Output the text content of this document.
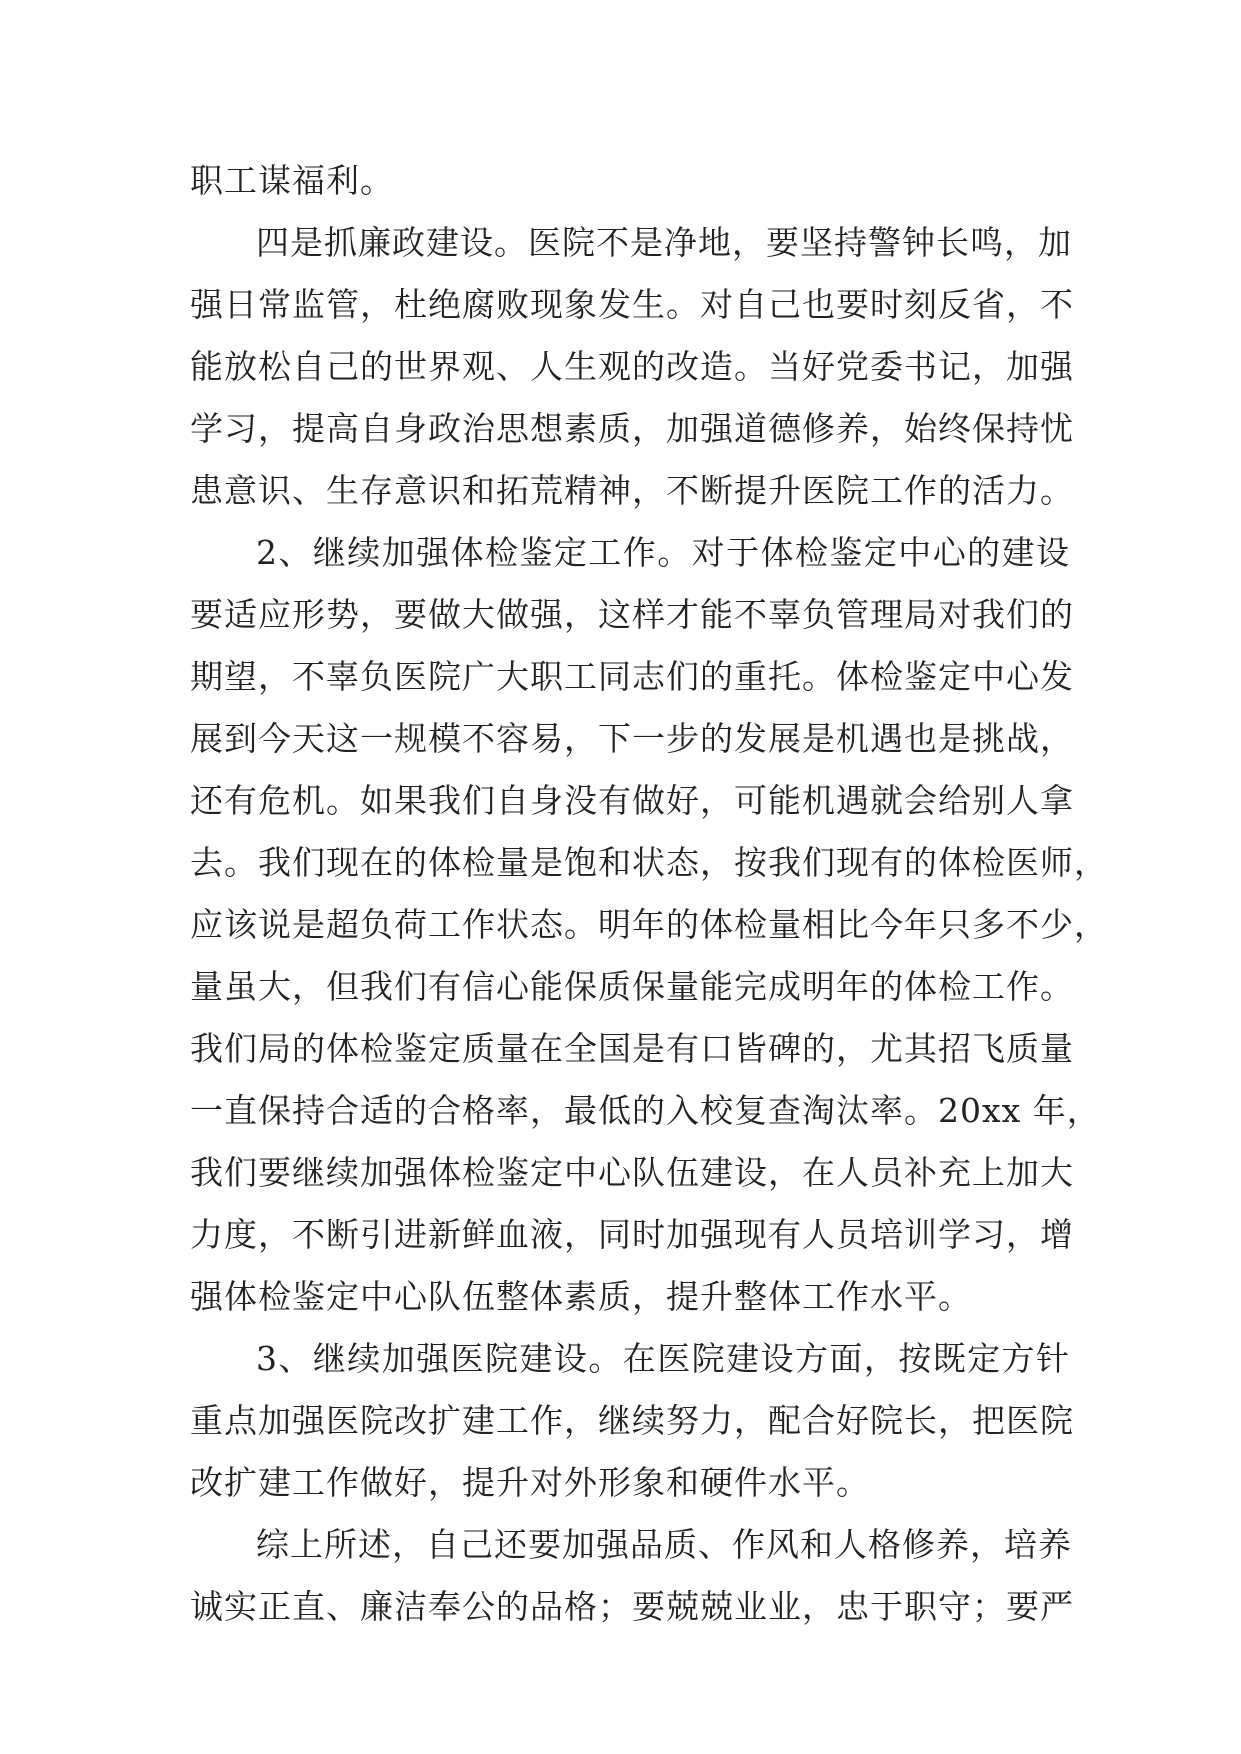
职工谋福利。
四是抓廉政建设。医院不是净地，要坚持警钟长鸣，加
强日常监管，杜绝腐败现象发生。对自己也要时刻反省，不
能放松自己的世界观、人生观的改造。当好党委书记，加强
学习，提高自身政治思想素质，加强道德修养，始终保持忧
患意识、生存意识和拓荒精神，不断提升医院工作的活力。
2、继续加强体检鉴定工作。对于体检鉴定中心的建设
要适应形势，要做大做强，这样才能不辜负管理局对我们的
期望，不辜负医院广大职工同志们的重托。体检鉴定中心发
展到今天这一规模不容易，下一步的发展是机遇也是挑战，
还有危机。如果我们自身没有做好，可能机遇就会给别人拿
去。我们现在的体检量是饱和状态，按我们现有的体检医师，
应该说是超负荷工作状态。明年的体检量相比今年只多不少，
量虽大，但我们有信心能保质保量能完成明年的体检工作。
我们局的体检鉴定质量在全国是有口皆碑的，尤其招飞质量
一直保持合适的合格率，最低的入校复查淘汰率。20xx 年，
我们要继续加强体检鉴定中心队伍建设，在人员补充上加大
力度，不断引进新鲜血液，同时加强现有人员培训学习，增
强体检鉴定中心队伍整体素质，提升整体工作水平。
3、继续加强医院建设。在医院建设方面，按既定方针
重点加强医院改扩建工作，继续努力，配合好院长，把医院
改扩建工作做好，提升对外形象和硬件水平。
综上所述，自己还要加强品质、作风和人格修养，培养
诚实正直、廉洁奉公的品格；要兢兢业业，忠于职守；要严
